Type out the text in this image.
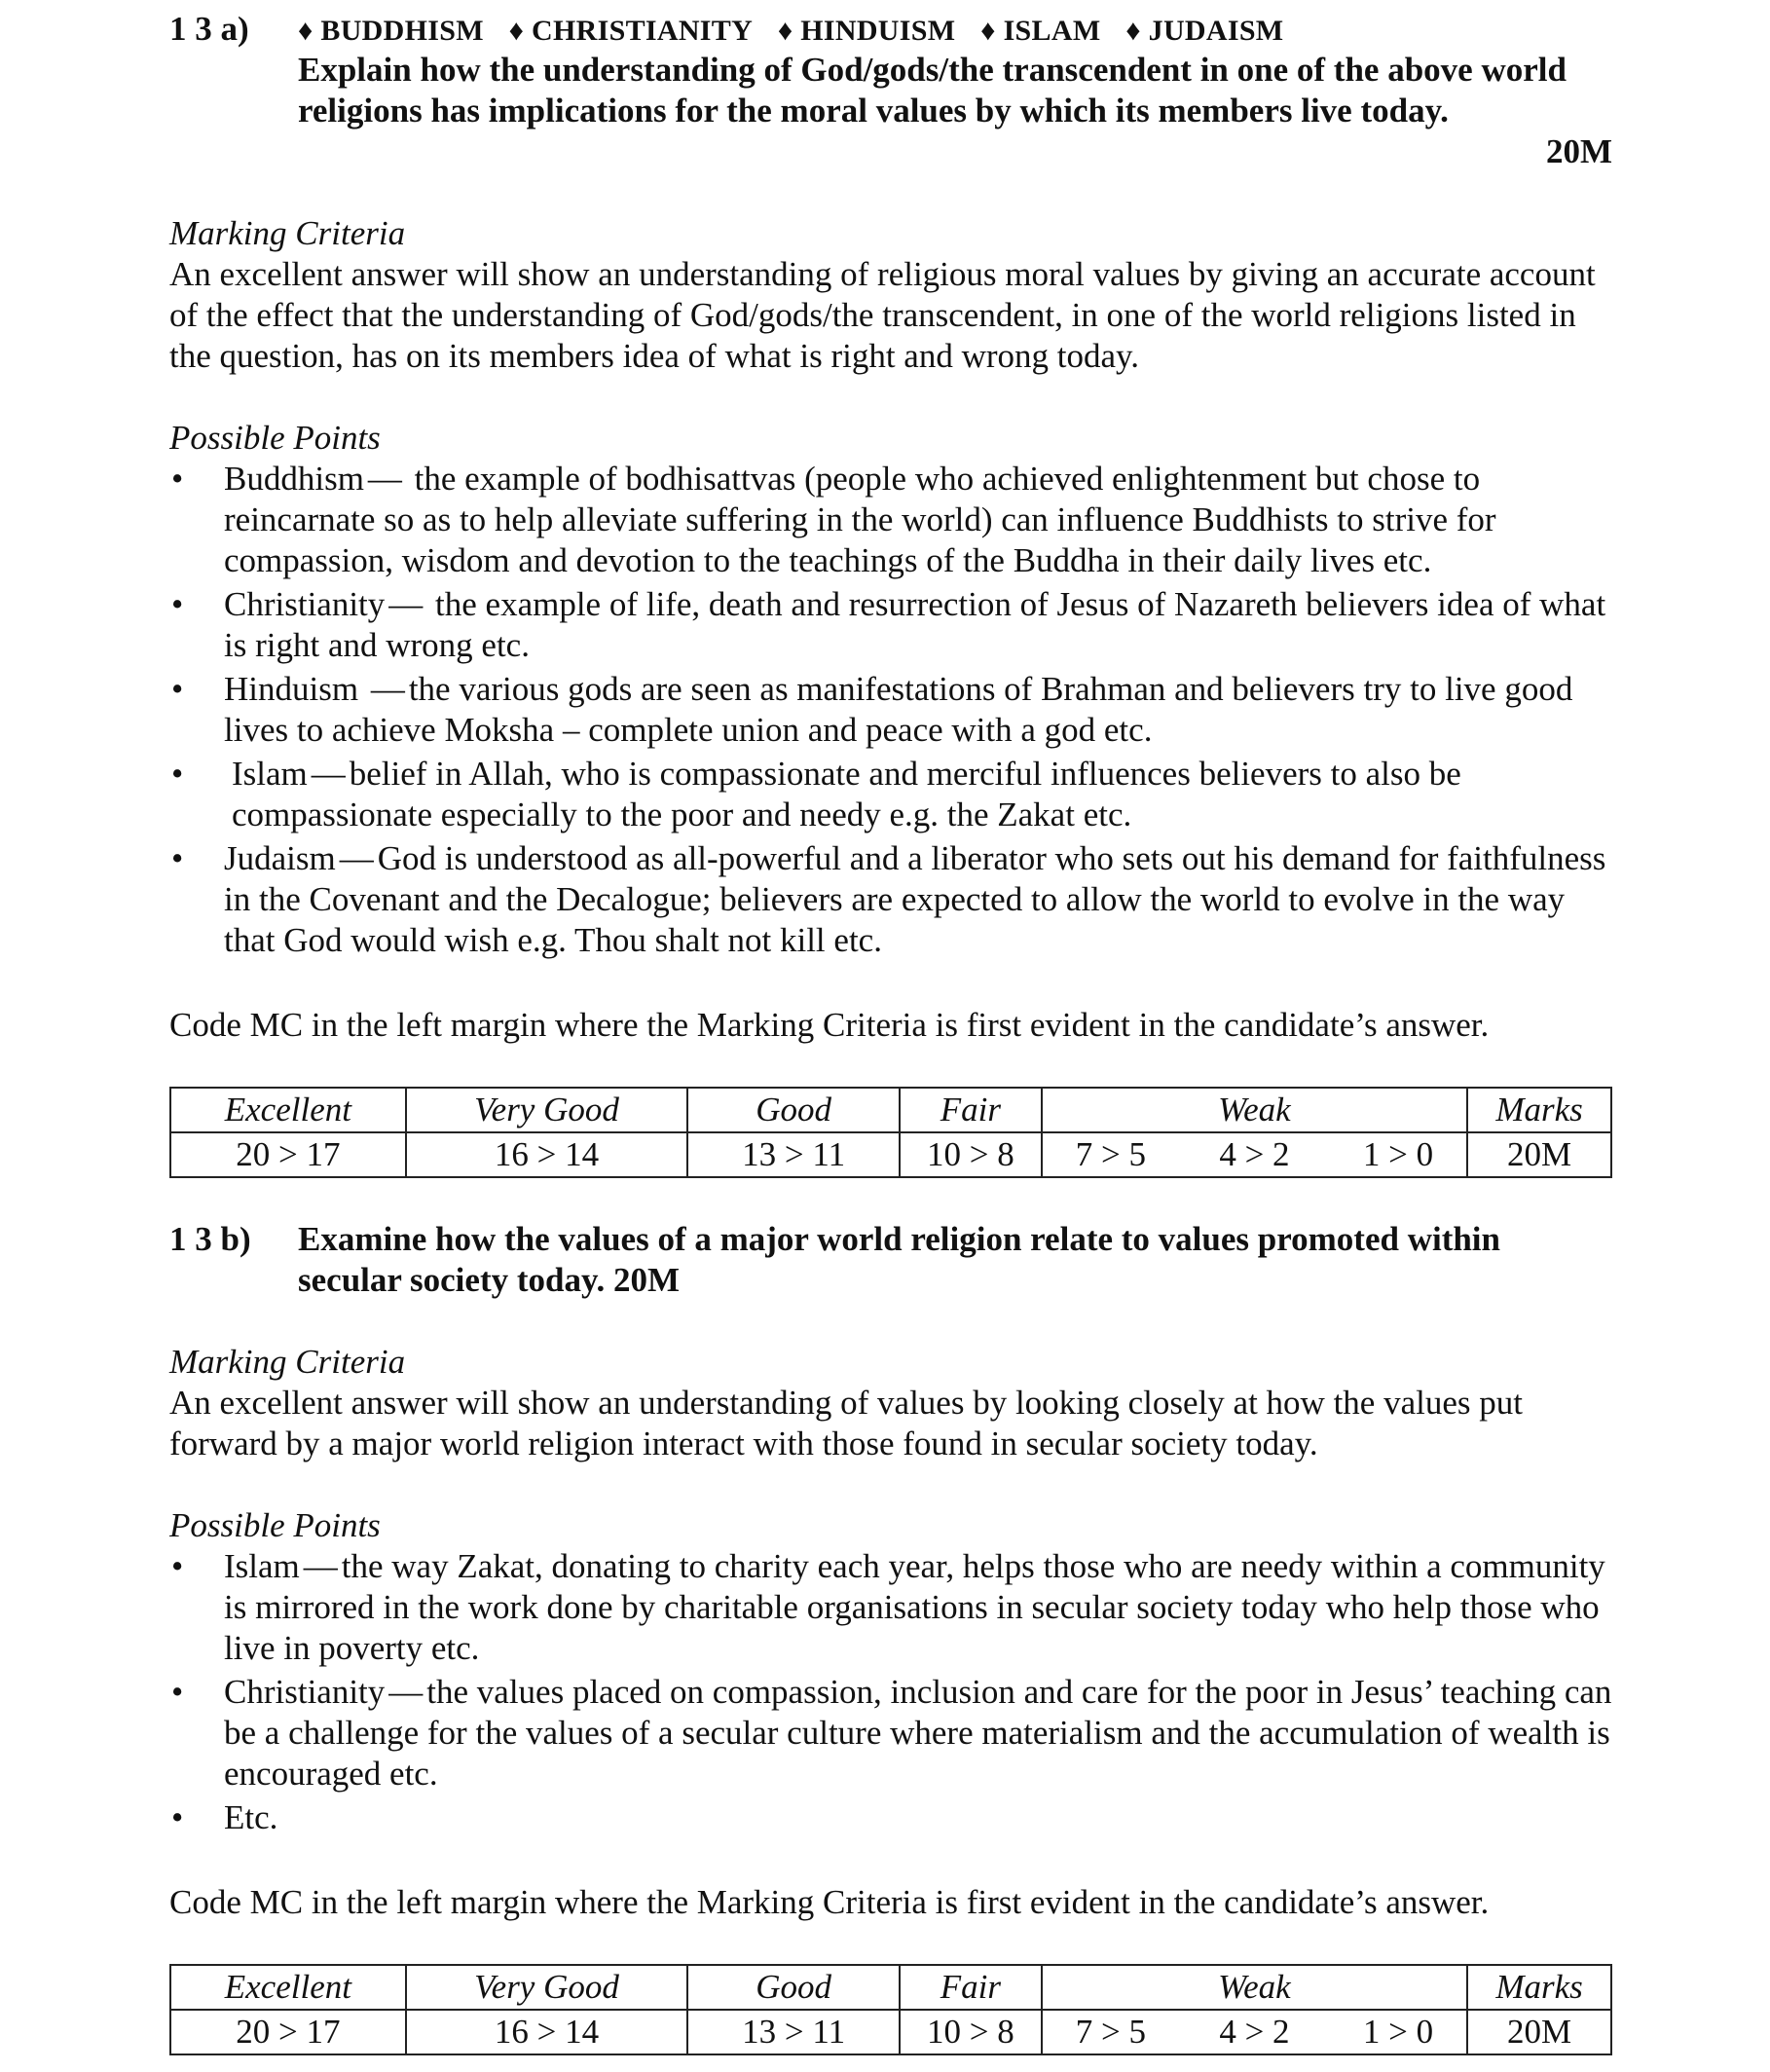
1 3 a)	♦ BUDDHISM ♦ CHRISTIANITY ♦ HINDUISM ♦ ISLAM ♦ JUDAISM
Explain how the understanding of God/gods/the transcendent in one of the above world religions has implications for the moral values by which its members live today.
20M
Marking Criteria
An excellent answer will show an understanding of religious moral values by giving an accurate account of the effect that the understanding of God/gods/the transcendent, in one of the world religions listed in the question, has on its members idea of what is right and wrong today.
Possible Points
•
Buddhism — the example of bodhisattvas (people who achieved enlightenment but chose to reincarnate so as to help alleviate suffering in the world) can influence Buddhists to strive for compassion, wisdom and devotion to the teachings of the Buddha in their daily lives etc.
•
Christianity — the example of life, death and resurrection of Jesus of Nazareth believers idea of what is right and wrong etc.
•
Hinduism — the various gods are seen as manifestations of Brahman and believers try to live good lives to achieve Moksha – complete union and peace with a god etc.
•
Islam — belief in Allah, who is compassionate and merciful influences believers to also be compassionate especially to the poor and needy e.g. the Zakat etc.
•
Judaism — God is understood as all-powerful and a liberator who sets out his demand for faithfulness in the Covenant and the Decalogue; believers are expected to allow the world to evolve in the way that God would wish e.g. Thou shalt not kill etc.
Code MC in the left margin where the Marking Criteria is first evident in the candidate’s answer.
Excellent	Very Good	Good	Fair	Weak	Marks
20 > 17	16 > 14	13 > 11	10 > 8	7 > 5 4 > 2 1 > 0	20M
1 3 b)	Examine how the values of a major world religion relate to values promoted within secular society today. 20M
Marking Criteria
An excellent answer will show an understanding of values by looking closely at how the values put forward by a major world religion interact with those found in secular society today.
Possible Points
•
Islam — the way Zakat, donating to charity each year, helps those who are needy within a community is mirrored in the work done by charitable organisations in secular society today who help those who live in poverty etc.
•
Christianity — the values placed on compassion, inclusion and care for the poor in Jesus’ teaching can be a challenge for the values of a secular culture where materialism and the accumulation of wealth is encouraged etc.
•
Etc.
Code MC in the left margin where the Marking Criteria is first evident in the candidate’s answer.
Excellent	Very Good	Good	Fair	Weak	Marks
20 > 17	16 > 14	13 > 11	10 > 8	7 > 5 4 > 2 1 > 0	20M
